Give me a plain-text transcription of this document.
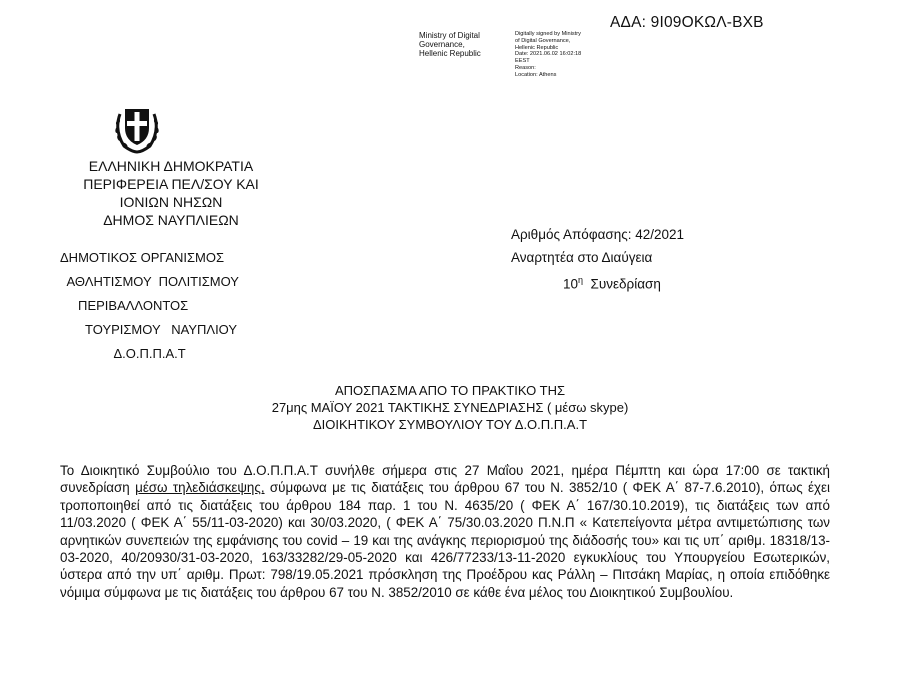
ΑΔΑ: 9Ι09ΟΚΩΛ-ΒΧΒ
Ministry of Digital
Governance,
Hellenic Republic
Digitally signed by Ministry
of Digital Governance,
Hellenic Republic
Date: 2021.06.02 16:02:18
EEST
Reason:
Location: Athens
ΕΛΛΗΝΙΚΗ ΔΗΜΟΚΡΑΤΙΑ
ΠΕΡΙΦΕΡΕΙΑ ΠΕΛ/ΣΟΥ ΚΑΙ
ΙΟΝΙΩΝ ΝΗΣΩΝ
ΔΗΜΟΣ ΝΑΥΠΛΙΕΩΝ
ΔΗΜΟΤΙΚΟΣ ΟΡΓΑΝΙΣΜΟΣ
ΑΘΛΗΤΙΣΜΟΥ  ΠΟΛΙΤΙΣΜΟΥ
ΠΕΡΙΒΑΛΛΟΝΤΟΣ
ΤΟΥΡΙΣΜΟΥ   ΝΑΥΠΛΙΟΥ
Δ.Ο.Π.Π.Α.Τ
Αριθμός Απόφασης: 42/2021
Αναρτητέα στο Διαύγεια
$10^\eta$  Συνεδρίαση
ΑΠΟΣΠΑΣΜΑ ΑΠΟ ΤΟ ΠΡΑΚΤΙΚΟ ΤΗΣ
27μης ΜΑΪΟΥ 2021 ΤΑΚΤΙΚΗΣ ΣΥΝΕΔΡΙΑΣΗΣ ( μέσω skype)
ΔΙΟΙΚΗΤΙΚΟΥ ΣΥΜΒΟΥΛΙΟΥ ΤΟΥ Δ.Ο.Π.Π.Α.Τ
Το Διοικητικό Συμβούλιο του Δ.Ο.Π.Π.Α.Τ συνήλθε σήμερα στις 27 Μαΐου 2021, ημέρα Πέμπτη και ώρα 17:00 σε τακτική συνεδρίαση μέσω τηλεδιάσκεψης, σύμφωνα με τις διατάξεις του άρθρου 67 του Ν. 3852/10 ( ΦΕΚ Α΄ 87-7.6.2010), όπως έχει τροποποιηθεί από τις διατάξεις του άρθρου 184 παρ. 1 του Ν. 4635/20 ( ΦΕΚ Α΄ 167/30.10.2019), τις διατάξεις των από 11/03.2020 ( ΦΕΚ Α΄ 55/11-03-2020) και 30/03.2020, ( ΦΕΚ Α΄ 75/30.03.2020 Π.Ν.Π « Κατεπείγοντα μέτρα αντιμετώπισης των αρνητικών συνεπειών της εμφάνισης του covid – 19 και της ανάγκης περιορισμού της διάδοσής του» και τις υπ΄ αριθμ. 18318/13-03-2020, 40/20930/31-03-2020, 163/33282/29-05-2020 και 426/77233/13-11-2020 εγκυκλίους του Υπουργείου Εσωτερικών, ύστερα από την υπ΄ αριθμ. Πρωτ: 798/19.05.2021 πρόσκληση της Προέδρου κας Ράλλη – Πιτσάκη Μαρίας, η οποία επιδόθηκε νόμιμα σύμφωνα με τις διατάξεις του άρθρου 67 του Ν. 3852/2010 σε κάθε ένα μέλος του Διοικητικού Συμβουλίου.
